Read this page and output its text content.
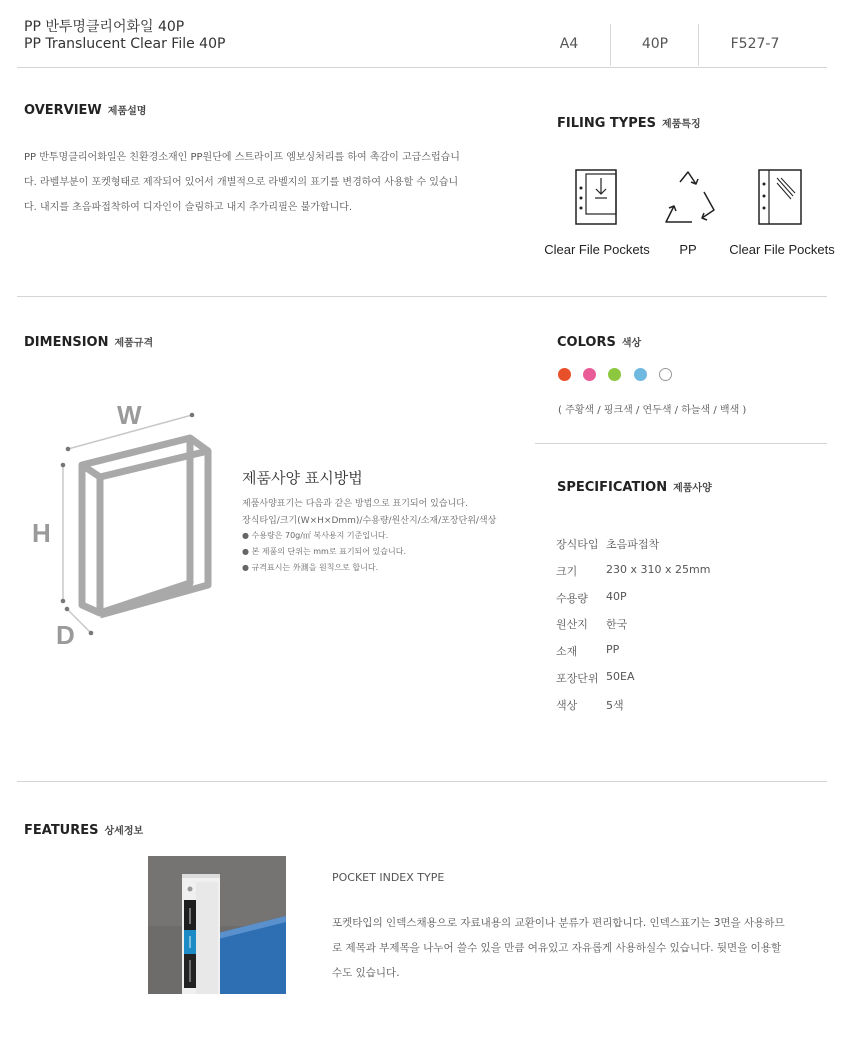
PP 반투명클리어화일 40P
PP Translucent Clear File 40P	A4	40P	F527-7
OVERVIEW 제품설명
PP 반투명클리어화일은 친환경소재인 PP원단에 스트라이프 엠보싱처리를 하여 촉감이 고급스럽습니
다. 라벨부분이 포켓형태로 제작되어 있어서 개별적으로 라벨지의 표기를 변경하여 사용할 수 있습니
다. 내지를 초음파접착하여 디자인이 슬림하고 내지 추가리필은 불가합니다.
FILING TYPES 제품특징
Clear File Pockets	PP	Clear File Pockets
DIMENSION 제품규격
W
H
D
제품사양 표시방법
제품사양표기는 다음과 같은 방법으로 표기되어 있습니다.
장식타입/크기(W×H×Dmm)/수용량/원산지/소재/포장단위/색상
● 수용량은 70g/㎡ 복사용지 기준입니다.
● 본 제품의 단위는 mm로 표기되어 있습니다.
● 규격표시는 外測을 원칙으로 합니다.
COLORS 색상
( 주황색 / 핑크색 / 연두색 / 하늘색 / 백색 )
SPECIFICATION 제품사양
장식타입 초음파접착
크기	230 x 310 x 25mm
수용량 40P
원산지 한국
소재	PP
포장단위 50EA
색상	5색
FEATURES 상세정보
POCKET INDEX TYPE
포켓타입의 인덱스채용으로 자료내용의 교환이나 분류가 편리합니다. 인덱스표기는 3면을 사용하므
로 제목과 부제목을 나누어 쓸수 있을 만큼 여유있고 자유롭게 사용하실수 있습니다. 뒷면을 이용할
수도 있습니다.
